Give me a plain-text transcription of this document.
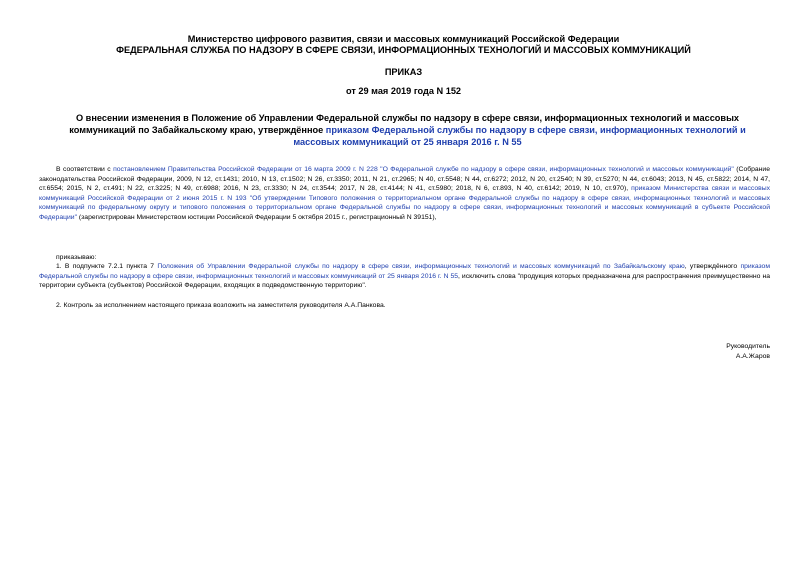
Министерство цифрового развития, связи и массовых коммуникаций Российской Федерации
ФЕДЕРАЛЬНАЯ СЛУЖБА ПО НАДЗОРУ В СФЕРЕ СВЯЗИ, ИНФОРМАЦИОННЫХ ТЕХНОЛОГИЙ И МАССОВЫХ КОММУНИКАЦИЙ
ПРИКАЗ
от 29 мая 2019 года N 152
О внесении изменения в Положение об Управлении Федеральной службы по надзору в сфере связи, информационных технологий и массовых коммуникаций по Забайкальскому краю, утверждённое приказом Федеральной службы по надзору в сфере связи, информационных технологий и массовых коммуникаций от 25 января 2016 г. N 55
В соответствии с постановлением Правительства Российской Федерации от 16 марта 2009 г. N 228 "О Федеральной службе по надзору в сфере связи, информационных технологий и массовых коммуникаций" (Собрание законодательства Российской Федерации, 2009, N 12, ст.1431; 2010, N 13, ст.1502; N 26, ст.3350; 2011, N 21, ст.2965; N 40, ст.5548; N 44, ст.6272; 2012, N 20, ст.2540; N 39, ст.5270; N 44, ст.6043; 2013, N 45, ст.5822; 2014, N 47, ст.6554; 2015, N 2, ст.491; N 22, ст.3225; N 49, ст.6988; 2016, N 23, ст.3330; N 24, ст.3544; 2017, N 28, ст.4144; N 41, ст.5980; 2018, N 6, ст.893, N 40, ст.6142; 2019, N 10, ст.970), приказом Министерства связи и массовых коммуникаций Российской Федерации от 2 июня 2015 г. N 193 "Об утверждении Типового положения о территориальном органе Федеральной службы по надзору в сфере связи, информационных технологий и массовых коммуникаций по федеральному округу и типового положения о территориальном органе Федеральной службы по надзору в сфере связи, информационных технологий и массовых коммуникаций в субъекте Российской Федерации" (зарегистрирован Министерством юстиции Российской Федерации 5 октября 2015 г., регистрационный N 39151),
приказываю:
1. В подпункте 7.2.1 пункта 7 Положения об Управлении Федеральной службы по надзору в сфере связи, информационных технологий и массовых коммуникаций по Забайкальскому краю, утверждённого приказом Федеральной службы по надзору в сфере связи, информационных технологий и массовых коммуникаций от 25 января 2016 г. N 55, исключить слова "продукция которых предназначена для распространения преимущественно на территории субъекта (субъектов) Российской Федерации, входящих в подведомственную территорию".
2. Контроль за исполнением настоящего приказа возложить на заместителя руководителя А.А.Панкова.
Руководитель
А.А.Жаров
